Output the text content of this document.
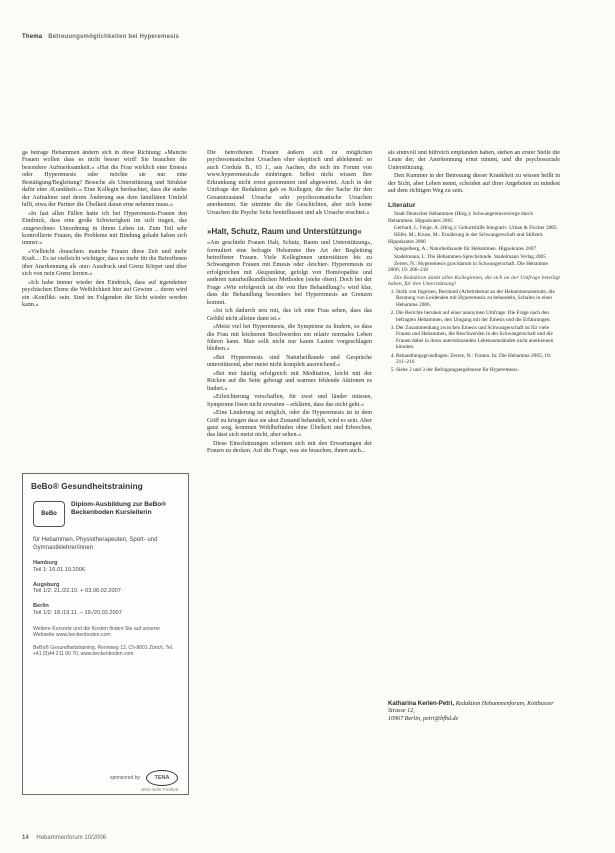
Thema Betreuungsmöglichkeiten bei Hyperemesis

ga betrage Hebammen ändern sich in diese Richtung: »Manche Frauen wollen dass es nicht besser wird! Sie brauchen die besondere Aufmerksamkeit.« »Hat die Frau wirklich eine Emesis oder Hyperemesis oder möchte sie nur eine Bestätigung/Begleitung? Besuche als Unterstützung und Struktur dafür eine ›Krankheit‹.« Eine Kollegin beobachtet, dass die starke der Aufnahme und deren Änderung aus dem familiären Umfeld hilft, etwa der Partner die Übelkeit daran erne nehmen muss.«

»In fast allen Fällen hatte ich bei Hyperemesis-Frauen den Eindruck, dass eine große Schwierigkeit im sich tragen, das ›ungewohnte‹ Umordnung in ihrem Leben ist. Zum Teil sehr kontrollierte Frauen, die Probleme mit Bindung gehabt haben sich immer.«

»Vielleicht ›brauchen‹ manche Frauen diese Zeit und mehr Kraft...: Es ist vielleicht wichtiger, dass es mehr für die Betroffenen über Anerkennung als ›nur‹ Ausdruck und Grenz Körper und über sich von nein Grenz lernen.«

»Ich habe immer wieder den Eindruck, dass auf irgendeiner psychischen Ebene die Weiblichkeit hier auf Gewinn ... deren wird ein ›Konflikt‹ sein. Sind im Folgenden die Sicht wieder werden kann.«

BeBo® Gesundheitstraining
BeBo
Diplom-Ausbildung zur BeBo® Beckenboden Kursleiterin
für Hebammen, Physiotherapeuten, Sport- und Gymnastiklehrer/innen
Hamburg
Teil 1: 16.01.10.2006
Augsburg
Teil 1/2: 21./22.10. + 03.06.02.2007
Berlin
Teil 1/2: 18./19.11. – 19./20.02.2007
Weitere Kursorte und die Kosten finden Sie auf unserer Webseite www.beckenboden.com
BeBo® Gesundheitstraining, Rennweg 13, Ch-8001 Zürich, Tel. +41 (0)44 211 00 70, www.beckenboden.com
sponsored by	TENA
Jetzt mehr Freiheit

Die betroffenen Frauen äußern sich zu möglichen psychosomatischen Ursachen eher skeptisch und ablehnend: so auch Cordula B., 63 J., aus Aachen, die sich im Forum von www.hyperemesis.de einbringen. Selbst nicht wissen ihre Erkrankung nicht ernst genommen und abgewertet. Auch in der Umfrage der Redaktion gab es Kollegen, die der Sache für den Gesamtzustand Ursache sehr psychosomatische Ursachen anerkennen. Sie stimmte die die Geschichten, aber sich keine Ursachen die Psyche Seite beeinflussen und als Ursache erachtet.«

»Halt, Schutz, Raum und Unterstützung«

»Am geschieht Frauen Halt, Schutz, Raum und Unterstützung«, formuliert eine befragte Hebamme ihre Art der Begleitung betroffener Frauen. Viele Kolleginnen unterstützen bis zu Schwangeren Frauen mit Emesis oder ›leichter‹ Hyperemesis zu erfolgreichen mit Akupunktur, gefolgt von Homöopathie und anderen naturheilkundlichen Methoden (siehe oben). Doch bei der Frage »Wie erfolgreich ist die von Ihre Behandlung?« wird klar, dass die Behandlung besonders bei Hyperemesis an Grenzen kommt.

»Ist ich dadurch neu mit, das ich eine Frau sehen, dass das Gefühl nicht alleine dann ist.«

»Meist viel bei Hyperemesis, die Symptome zu lindern, so dass die Frau mit leichteren Beschwerden ein relativ normales Leben führen kann. Man sollt nicht nur kaum Lasten vorgeschlagen bleiben.«

»Bei Hyperemesis sind Naturheilkunde und Gespräche unterstützend, aber meist nicht komplett ausreichend.«

»Bei mir häufig erfolgreich mit Meditation, leicht mit der Rücken auf die Seite gebeugt und warmes fehlende Aktionen es lindert.«

»Erleichterung verschaffen, für zwei und länder müssen, Symptome lösen nicht erwarten – erklären, dass das nicht geht.«

»Eine Linderung ist möglich, oder die Hyperemesis ist in dem Griff zu kriegen dass sie akut Zustand behandelt, wird es sein. Aber ganz weg, kommen Wohlbefinden ohne Übelkeit und Erbrechen, das lässt sich meist nicht, aber selten.«

Diese Einschätzungen scheinen sich mit den Erwartungen der Frauen zu decken. Auf die Frage, was sie brauchen, ihnen auch...

als sinnvoll und hilfreich empfanden haben, stehen an erster Stelle die Leute der, der Anerkennung ernst nimmt, und die psychosoziale Unterstützung.

Den Kummer in der Betreuung dieser Krankheit zu wissen heißt in der Sicht, aber Leben nennt, scheiden auf ihrer Angeboten zu mindest auf dem richtigen Weg zu sein.

Literatur

Stadt Deutscher Hebammen (Hrsg.): Schwangerenvorsorge durch Hebammen. Hippokrates 2005

Gerhard, I.; Feige, A. (Hrsg.): Geburtshilfe Integrativ. Urban & Fischer 2005

Höfer, M.; Kruse, M.: Ernährung in der Schwangerschaft und Stillzeit. Hippokrates 2006

Spiegelberg, A.: Naturheilkunde für Hebammen. Hippokrates 2007

Stadelmann, I.: Die Hebammen-Sprechstunde. Stadelmann Verlag 2005

Zerres, N.: Hyperemesis gravidarum in Schwangerschaft. Die Hebamme 2006; 19: 206–210

Die Redaktion dankt allen Kolleginnen, die sich an der Umfrage beteiligt haben, für ihre Unterstützung!

1. Stolk von Ingelsen, Bernhard (Arbeitsbeirat an der Hebammenzentrale, die Beratung von Leidenden mit Hyperemesis zu behandeln, Schulen in einer Hebamme 2006.
2. Die Berichte beruhen auf einer anonymen Umfrage: Die Frage nach den befragten Hebammen, den Umgang mit der Emesis und die Erfahrungen.
3. Der Zusammenhang zwischen Emesis und Schwangerschaft ist für viele Frauen und Hebammen, die Beschwerden in der Schwangerschaft und die Frauen dabei in ihren unterstützenden Lebensumständen nicht anerkennen könnten.
4. Behandlungsgrundlagen: Zerres, N.: Frauen. In: Die Hebamme 2005; 18: 211–216
5. Siehe 2 und 3 der Befragungsergebnisse für Hyperemesis.
Katharina Kerlen-Petri, Redaktion Hebammenforum, Kottbusser Strasse 12,
10967 Berlin, petri@bfhd.de
14 Hebammenforum 10/2006
